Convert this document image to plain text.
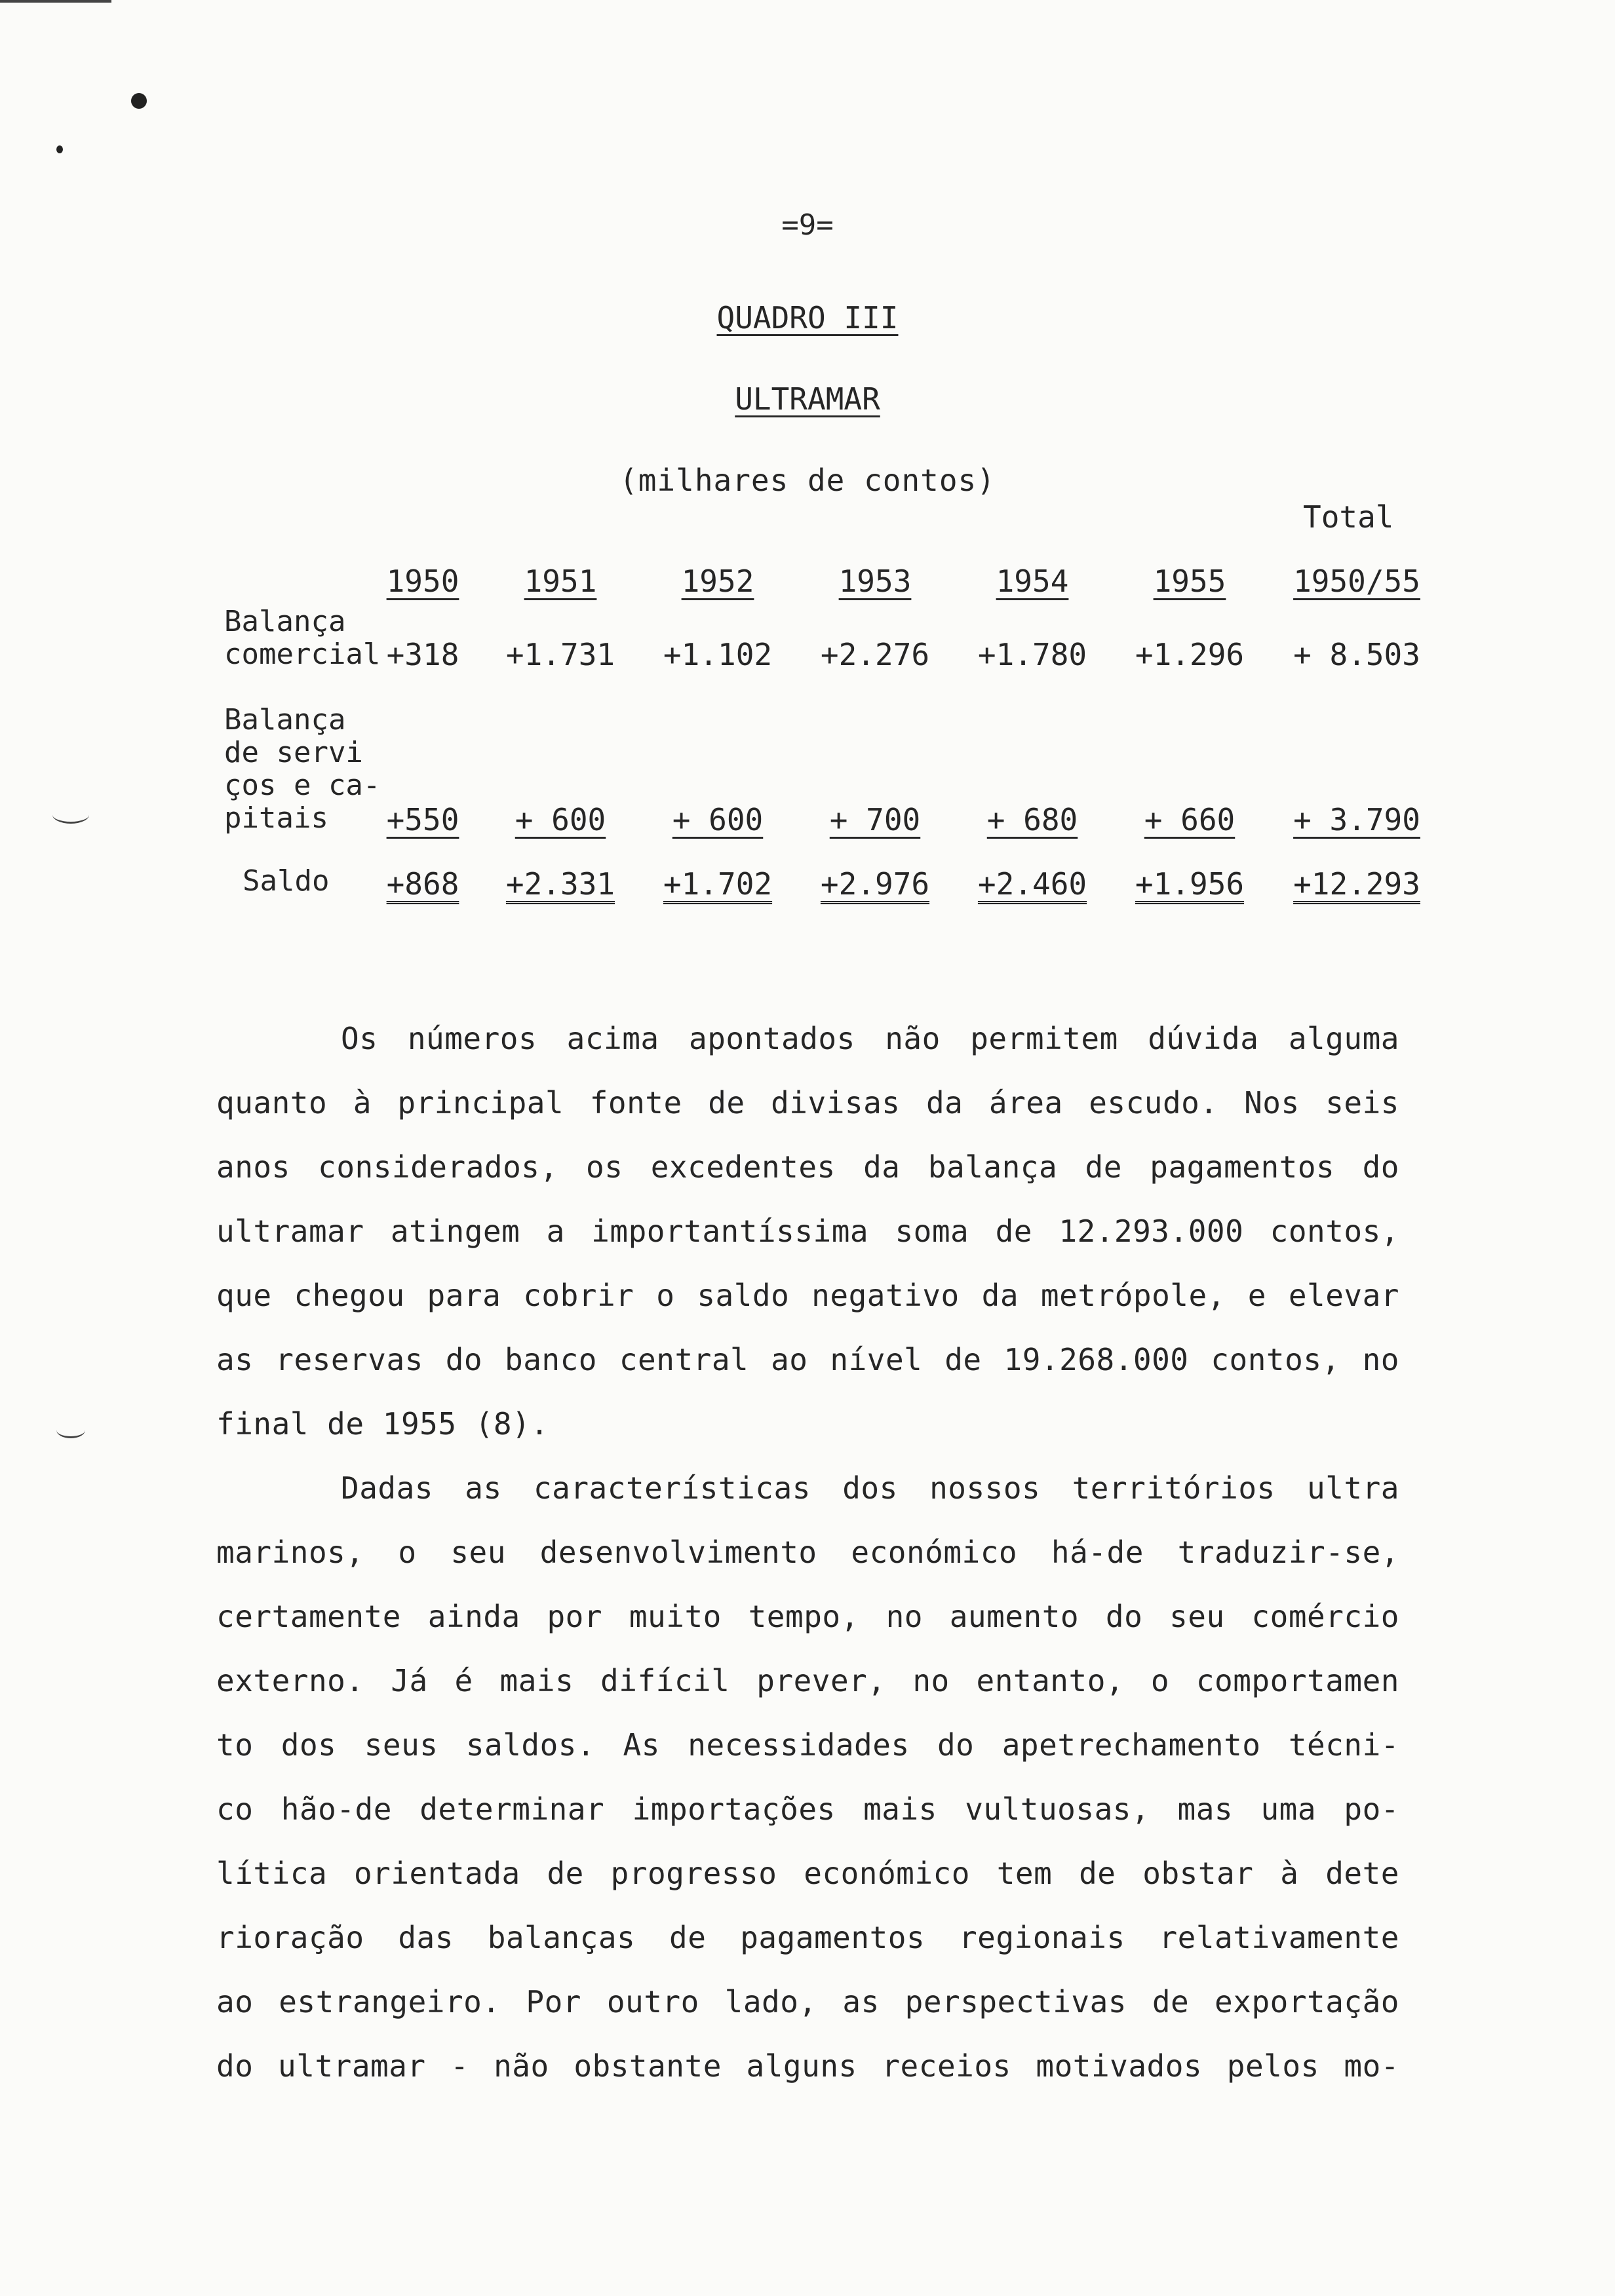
=9=
QUADRO III
ULTRAMAR
(milhares de contos)
Total
1950 1951	1952	1953	1954	1955 1950/55
Balança
comercial +318 +1.731 +1.102 +2.276 +1.780 +1.296 + 8.503
Balança
de servi
ços e ca-
pitais	+550 + 600 + 600 + 700 + 680 + 660 + 3.790
Saldo +868 +2.331 +1.702 +2.976 +2.460 +1.956 +12.293
Os números acima apontados não permitem dúvida alguma
quanto à principal fonte de divisas da área escudo. Nos seis
anos considerados, os excedentes da balança de pagamentos do
ultramar atingem a importantíssima soma de 12.293.000 contos,
que chegou para cobrir o saldo negativo da metrópole, e elevar
as reservas do banco central ao nível de 19.268.000 contos, no
final de 1955 (8).
Dadas as características dos nossos territórios ultra
marinos, o seu desenvolvimento económico há-de traduzir-se,
certamente ainda por muito tempo, no aumento do seu comércio
externo. Já é mais difícil prever, no entanto, o comportamen
to dos seus saldos. As necessidades do apetrechamento técni-
co hão-de determinar importações mais vultuosas, mas uma po-
lítica orientada de progresso económico tem de obstar à dete
rioração das balanças de pagamentos regionais relativamente
ao estrangeiro. Por outro lado, as perspectivas de exportação
do ultramar - não obstante alguns receios motivados pelos mo-
